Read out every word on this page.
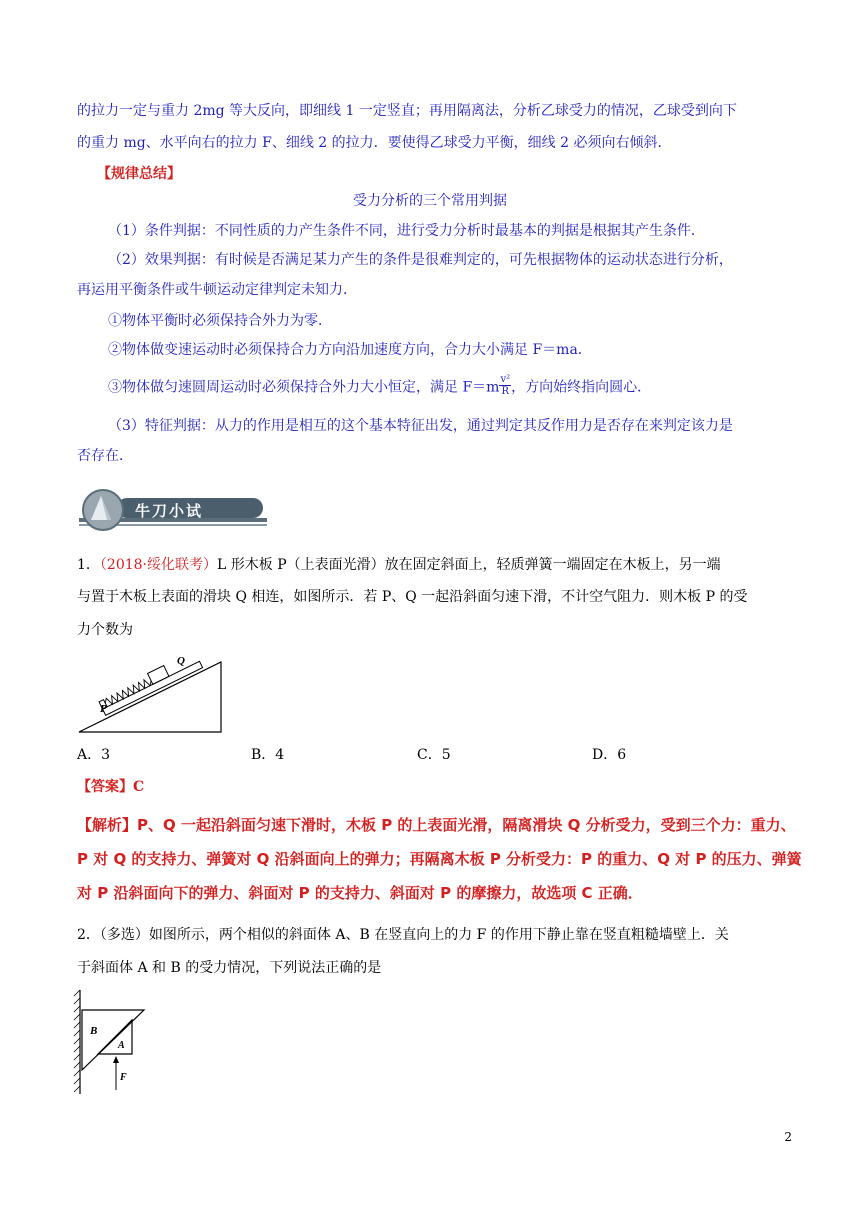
的拉力一定与重力 2mg 等大反向，即细线 1 一定竖直；再用隔离法，分析乙球受力的情况，乙球受到向下
的重力 mg、水平向右的拉力 F、细线 2 的拉力．要使得乙球受力平衡，细线 2 必须向右倾斜．
【规律总结】
受力分析的三个常用判据
（1）条件判据：不同性质的力产生条件不同，进行受力分析时最基本的判据是根据其产生条件．
（2）效果判据：有时候是否满足某力产生的条件是很难判定的，可先根据物体的运动状态进行分析，
再运用平衡条件或牛顿运动定律判定未知力．
①物体平衡时必须保持合外力为零．
②物体做变速运动时必须保持合力方向沿加速度方向，合力大小满足 F＝ma．
③物体做匀速圆周运动时必须保持合外力大小恒定，满足 $F=m \frac{\text{v²}}{R}$ ，方向始终指向圆心．
（3）特征判据：从力的作用是相互的这个基本特征出发，通过判定其反作用力是否存在来判定该力是
否存在．
牛刀小试
1．（2018·绥化联考）L 形木板 P（上表面光滑）放在固定斜面上，轻质弹簧一端固定在木板上，另一端
与置于木板上表面的滑块 Q 相连，如图所示．若 P、Q 一起沿斜面匀速下滑，不计空气阻力．则木板 P 的受
力个数为
P
Q
A．3	B．4	C．5	D．6
【答案】C
【解析】P、Q 一起沿斜面匀速下滑时，木板 P 的上表面光滑，隔离滑块 Q 分析受力，受到三个力：重力、
P 对 Q 的支持力、弹簧对 Q 沿斜面向上的弹力；再隔离木板 P 分析受力：P 的重力、Q 对 P 的压力、弹簧
对 P 沿斜面向下的弹力、斜面对 P 的支持力、斜面对 P 的摩擦力，故选项 C 正确．
2．（多选）如图所示，两个相似的斜面体 A、B 在竖直向上的力 F 的作用下静止靠在竖直粗糙墙壁上．关
于斜面体 A 和 B 的受力情况，下列说法正确的是
B
A
F
2
